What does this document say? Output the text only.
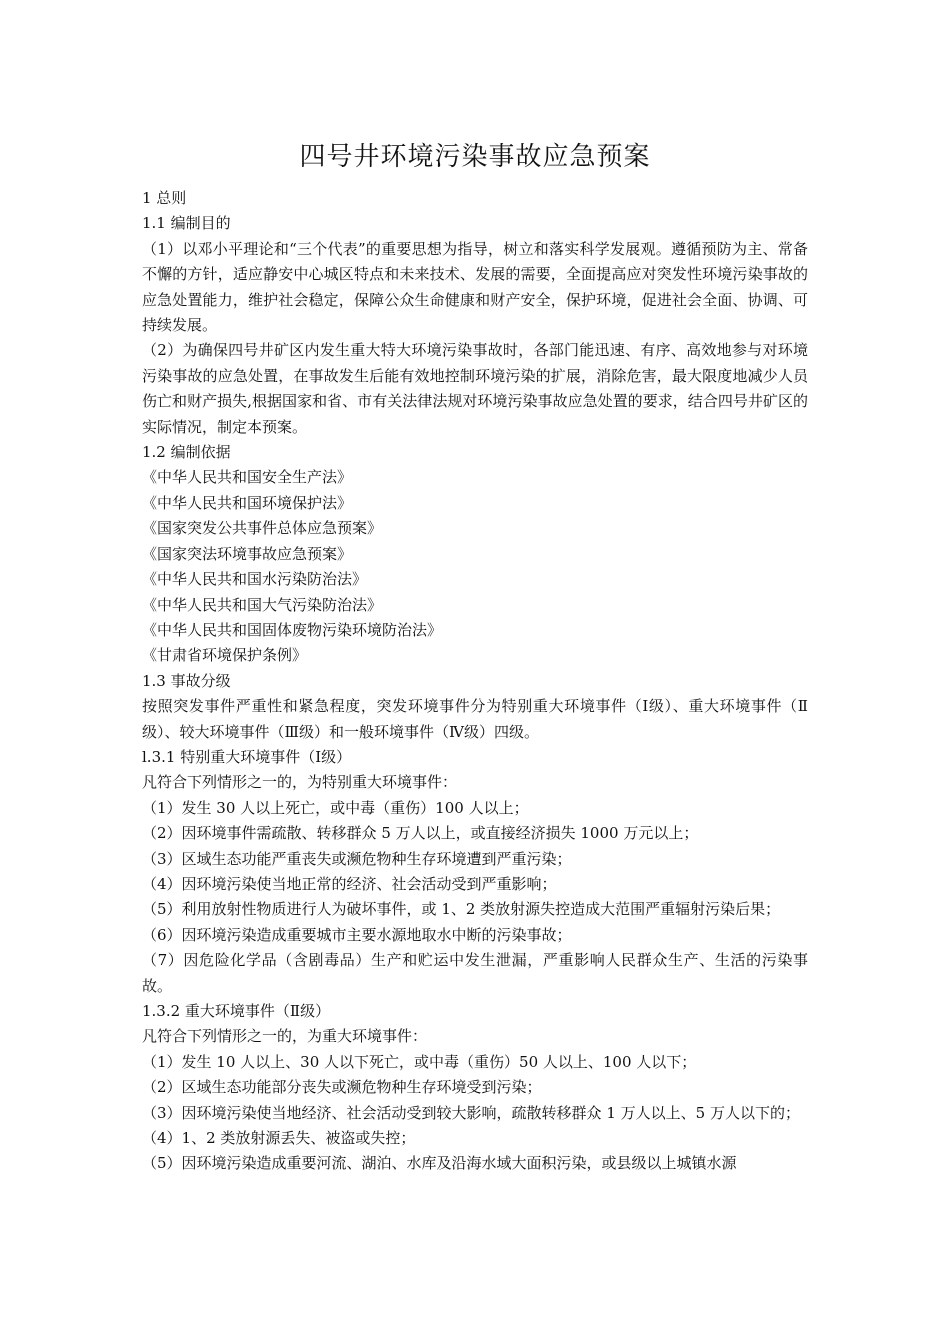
四号井环境污染事故应急预案

1 总则

1.1 编制目的

（1）以邓小平理论和“三个代表”的重要思想为指导，树立和落实科学发展观。遵循预防为主、常备不懈的方针，适应静安中心城区特点和未来技术、发展的需要，全面提高应对突发性环境污染事故的应急处置能力，维护社会稳定，保障公众生命健康和财产安全，保护环境，促进社会全面、协调、可持续发展。

（2）为确保四号井矿区内发生重大特大环境污染事故时，各部门能迅速、有序、高效地参与对环境污染事故的应急处置，在事故发生后能有效地控制环境污染的扩展，消除危害，最大限度地减少人员伤亡和财产损失,根据国家和省、市有关法律法规对环境污染事故应急处置的要求，结合四号井矿区的实际情况，制定本预案。

1.2 编制依据

《中华人民共和国安全生产法》

《中华人民共和国环境保护法》

《国家突发公共事件总体应急预案》

《国家突法环境事故应急预案》

《中华人民共和国水污染防治法》

《中华人民共和国大气污染防治法》

《中华人民共和国固体废物污染环境防治法》

《甘肃省环境保护条例》

1.3 事故分级

按照突发事件严重性和紧急程度，突发环境事件分为特别重大环境事件（Ⅰ级）、重大环境事件（Ⅱ级）、较大环境事件（Ⅲ级）和一般环境事件（Ⅳ级）四级。

l.3.1 特别重大环境事件（Ⅰ级）

凡符合下列情形之一的，为特别重大环境事件：

（1）发生 30 人以上死亡，或中毒（重伤）100 人以上；

（2）因环境事件需疏散、转移群众 5 万人以上，或直接经济损失 1000 万元以上；

（3）区域生态功能严重丧失或濒危物种生存环境遭到严重污染；

（4）因环境污染使当地正常的经济、社会活动受到严重影响；

（5）利用放射性物质进行人为破坏事件，或 1、2 类放射源失控造成大范围严重辐射污染后果；

（6）因环境污染造成重要城市主要水源地取水中断的污染事故；

（7）因危险化学品（含剧毒品）生产和贮运中发生泄漏，严重影响人民群众生产、生活的污染事故。

1.3.2 重大环境事件（Ⅱ级）

凡符合下列情形之一的，为重大环境事件：

（1）发生 10 人以上、30 人以下死亡，或中毒（重伤）50 人以上、100 人以下；

（2）区域生态功能部分丧失或濒危物种生存环境受到污染；

（3）因环境污染使当地经济、社会活动受到较大影响，疏散转移群众 1 万人以上、5 万人以下的；

（4）1、2 类放射源丢失、被盗或失控；

（5）因环境污染造成重要河流、湖泊、水库及沿海水域大面积污染，或县级以上城镇水源
